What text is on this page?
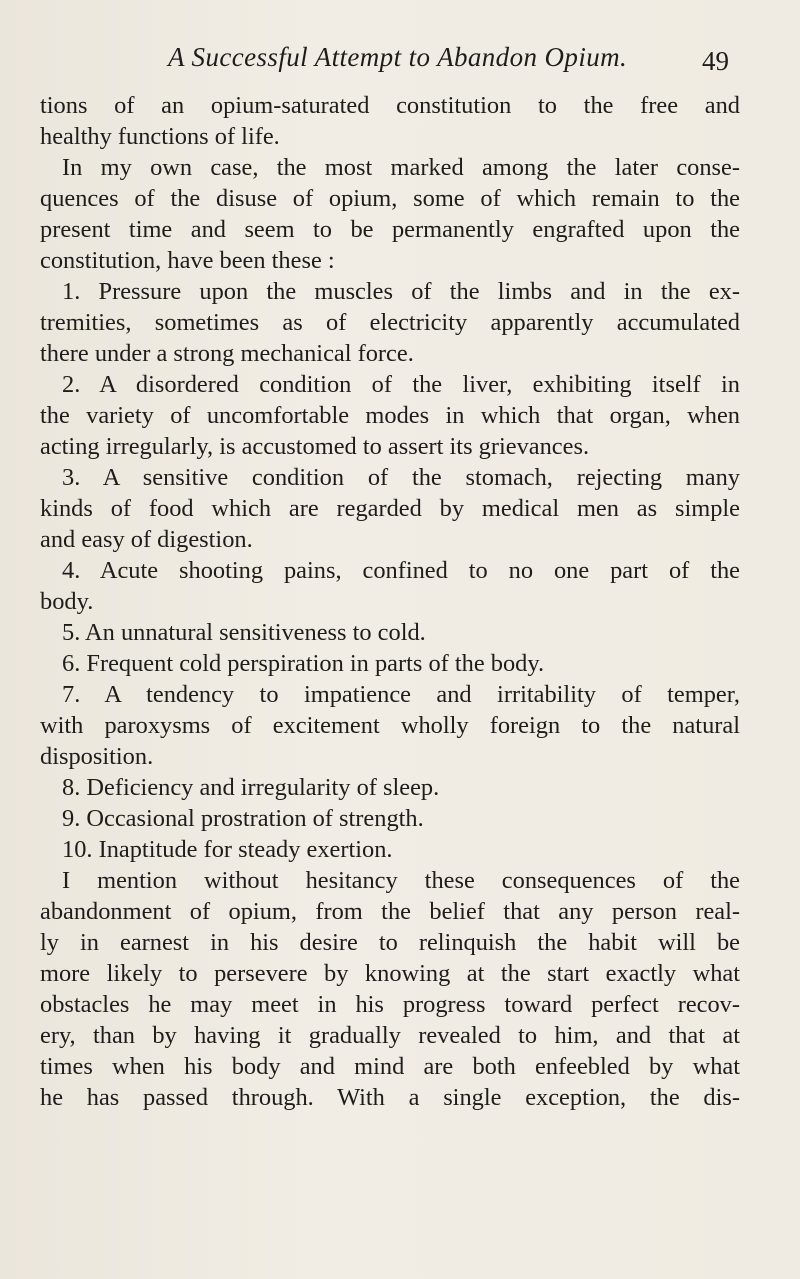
A Successful Attempt to Abandon Opium.	49
tions of an opium-saturated constitution to the free and
healthy functions of life.
In my own case, the most marked among the later conse-
quences of the disuse of opium, some of which remain to the
present time and seem to be permanently engrafted upon the
constitution, have been these :
1. Pressure upon the muscles of the limbs and in the ex-
tremities, sometimes as of electricity apparently accumulated
there under a strong mechanical force.
2. A disordered condition of the liver, exhibiting itself in
the variety of uncomfortable modes in which that organ, when
acting irregularly, is accustomed to assert its grievances.
3. A sensitive condition of the stomach, rejecting many
kinds of food which are regarded by medical men as simple
and easy of digestion.
4. Acute shooting pains, confined to no one part of the
body.
5. An unnatural sensitiveness to cold.
6. Frequent cold perspiration in parts of the body.
7. A tendency to impatience and irritability of temper,
with paroxysms of excitement wholly foreign to the natural
disposition.
8. Deficiency and irregularity of sleep.
9. Occasional prostration of strength.
10. Inaptitude for steady exertion.
I mention without hesitancy these consequences of the
abandonment of opium, from the belief that any person real-
ly in earnest in his desire to relinquish the habit will be
more likely to persevere by knowing at the start exactly what
obstacles he may meet in his progress toward perfect recov-
ery, than by having it gradually revealed to him, and that at
times when his body and mind are both enfeebled by what
he has passed through. With a single exception, the dis-
